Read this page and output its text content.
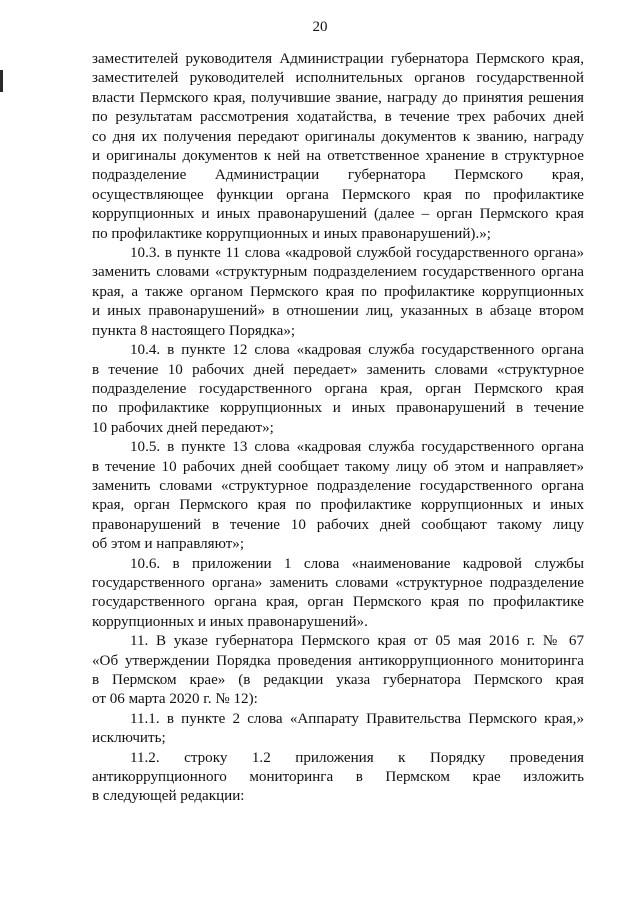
20
заместителей руководителя Администрации губернатора Пермского края,
заместителей руководителей исполнительных органов государственной
власти Пермского края, получившие звание, награду до принятия решения
по результатам рассмотрения ходатайства, в течение трех рабочих дней
со дня их получения передают оригиналы документов к званию, награду
и оригиналы документов к ней на ответственное хранение в структурное
подразделение Администрации губернатора Пермского края,
осуществляющее функции органа Пермского края по профилактике
коррупционных и иных правонарушений (далее – орган Пермского края
по профилактике коррупционных и иных правонарушений).»;
10.3. в пункте 11 слова «кадровой службой государственного органа»
заменить словами «структурным подразделением государственного органа
края, а также органом Пермского края по профилактике коррупционных
и иных правонарушений» в отношении лиц, указанных в абзаце втором
пункта 8 настоящего Порядка»;
10.4. в пункте 12 слова «кадровая служба государственного органа
в течение 10 рабочих дней передает» заменить словами «структурное
подразделение государственного органа края, орган Пермского края
по профилактике коррупционных и иных правонарушений в течение
10 рабочих дней передают»;
10.5. в пункте 13 слова «кадровая служба государственного органа
в течение 10 рабочих дней сообщает такому лицу об этом и направляет»
заменить словами «структурное подразделение государственного органа
края, орган Пермского края по профилактике коррупционных и иных
правонарушений в течение 10 рабочих дней сообщают такому лицу
об этом и направляют»;
10.6. в приложении 1 слова «наименование кадровой службы
государственного органа» заменить словами «структурное подразделение
государственного органа края, орган Пермского края по профилактике
коррупционных и иных правонарушений».
11. В указе губернатора Пермского края от 05 мая 2016 г. № 67
«Об утверждении Порядка проведения антикоррупционного мониторинга
в Пермском крае» (в редакции указа губернатора Пермского края
от 06 марта 2020 г. № 12):
11.1. в пункте 2 слова «Аппарату Правительства Пермского края,»
исключить;
11.2. строку 1.2 приложения к Порядку проведения
антикоррупционного мониторинга в Пермском крае изложить
в следующей редакции:
